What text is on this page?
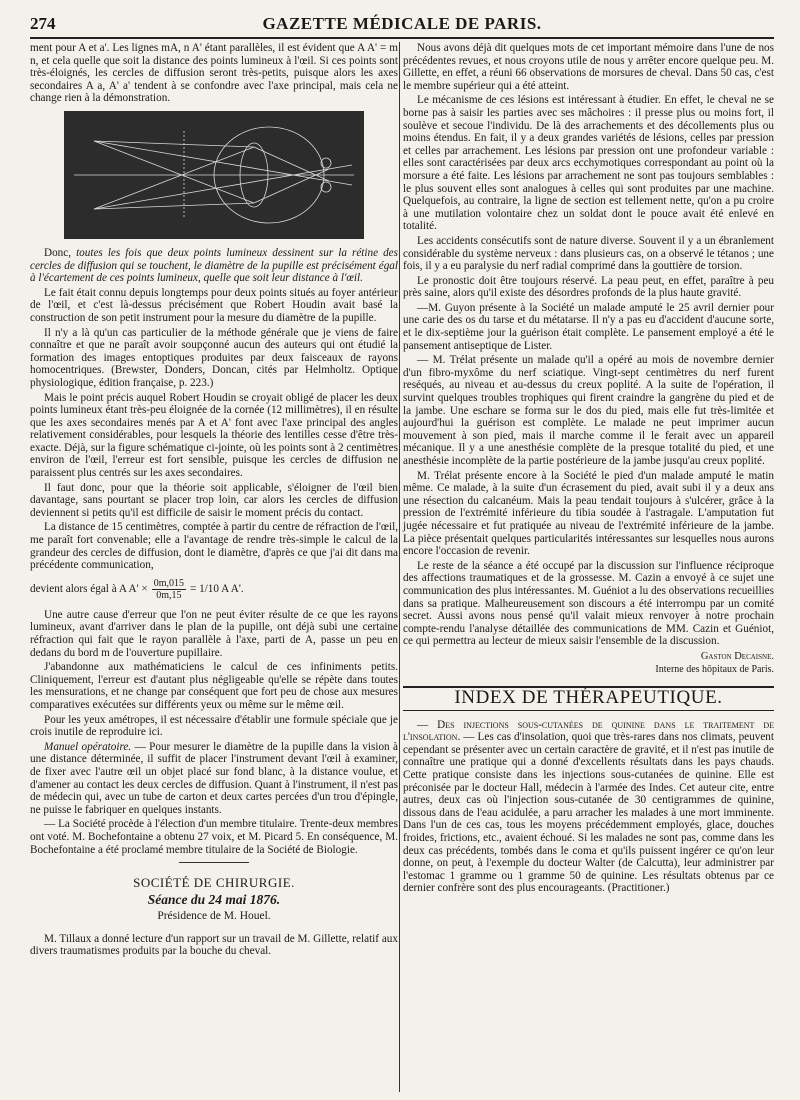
274	GAZETTE MÉDICALE DE PARIS.

ment pour A et a'. Les lignes mA, n A' étant parallèles, il est évident que A A' = m n, et cela quelle que soit la distance des points lumineux à l'œil. Si ces points sont très-éloignés, les cercles de diffusion seront très-petits, puisque alors les axes secondaires A a, A' a' tendent à se confondre avec l'axe principal, mais cela ne change rien à la démonstration.

Donc, toutes les fois que deux points lumineux dessinent sur la rétine des cercles de diffusion qui se touchent, le diamètre de la pupille est précisément égal à l'écartement de ces points lumineux, quelle que soit leur distance à l'œil.

Le fait était connu depuis longtemps pour deux points situés au foyer antérieur de l'œil, et c'est là-dessus précisément que Robert Houdin avait basé la construction de son petit instrument pour la mesure du diamètre de la pupille.

Il n'y a là qu'un cas particulier de la méthode générale que je viens de faire connaître et que ne paraît avoir soupçonné aucun des auteurs qui ont étudié la formation des images entoptiques produites par deux faisceaux de rayons homocentriques. (Brewster, Donders, Doncan, cités par Helmholtz. Optique physiologique, édition française, p. 223.)

Mais le point précis auquel Robert Houdin se croyait obligé de placer les deux points lumineux étant très-peu éloignée de la cornée (12 millimètres), il en résulte que les axes secondaires menés par A et A' font avec l'axe principal des angles relativement considérables, pour lesquels la théorie des lentilles cesse d'être très-exacte. Déjà, sur la figure schématique ci-jointe, où les points sont à 2 centimètres environ de l'œil, l'erreur est fort sensible, puisque les cercles de diffusion ne paraissent plus centrés sur les axes secondaires.

Il faut donc, pour que la théorie soit applicable, s'éloigner de l'œil bien davantage, sans pourtant se placer trop loin, car alors les cercles de diffusion deviennent si petits qu'il est difficile de saisir le moment précis du contact.

La distance de 15 centimètres, comptée à partir du centre de réfraction de l'œil, me paraît fort convenable; elle a l'avantage de rendre très-simple le calcul de la grandeur des cercles de diffusion, dont le diamètre, d'après ce que j'ai dit dans ma précédente communication,

devient alors égal à A $A' \times \frac{0m,015}{0m,15} = 1/10$ A A'.

Une autre cause d'erreur que l'on ne peut éviter résulte de ce que les rayons lumineux, avant d'arriver dans le plan de la pupille, ont déjà subi une certaine réfraction qui fait que le rayon parallèle à l'axe, parti de A, passe un peu en dedans du bord m de l'ouverture pupillaire.

J'abandonne aux mathématiciens le calcul de ces infiniments petits. Cliniquement, l'erreur est d'autant plus négligeable qu'elle se répète dans toutes les mensurations, et ne change par conséquent que fort peu de chose aux mesures comparatives exécutées sur différents yeux ou même sur le même œil.

Pour les yeux amétropes, il est nécessaire d'établir une formule spéciale que je crois inutile de reproduire ici.

Manuel opératoire. — Pour mesurer le diamètre de la pupille dans la vision à une distance déterminée, il suffit de placer l'instrument devant l'œil à examiner, de fixer avec l'autre œil un objet placé sur fond blanc, à la distance voulue, et d'amener au contact les deux cercles de diffusion. Quant à l'instrument, il n'est pas de médecin qui, avec un tube de carton et deux cartes percées d'un trou d'épingle, ne puisse le fabriquer en quelques instants.

— La Société procède à l'élection d'un membre titulaire. Trente-deux membres ont voté. M. Bochefontaine a obtenu 27 voix, et M. Picard 5. En conséquence, M. Bochefontaine a été proclamé membre titulaire de la Société de Biologie.

SOCIÉTÉ DE CHIRURGIE.
Séance du 24 mai 1876.
Présidence de M. Houel.

M. Tillaux a donné lecture d'un rapport sur un travail de M. Gillette, relatif aux divers traumatismes produits par la bouche du cheval.

Nous avons déjà dit quelques mots de cet important mémoire dans l'une de nos précédentes revues, et nous croyons utile de nous y arrêter encore quelque peu. M. Gillette, en effet, a réuni 66 observations de morsures de cheval. Dans 50 cas, c'est le membre supérieur qui a été atteint.

Le mécanisme de ces lésions est intéressant à étudier. En effet, le cheval ne se borne pas à saisir les parties avec ses mâchoires : il presse plus ou moins fort, il soulève et secoue l'individu. De là des arrachements et des décollements plus ou moins étendus. En fait, il y a deux grandes variétés de lésions, celles par pression et celles par arrachement. Les lésions par pression ont une profondeur variable : elles sont caractérisées par deux arcs ecchymotiques correspondant au point où la morsure a été faite. Les lésions par arrachement ne sont pas toujours semblables : le plus souvent elles sont analogues à celles qui sont produites par une machine. Quelquefois, au contraire, la ligne de section est tellement nette, qu'on a pu croire à une mutilation volontaire chez un soldat dont le pouce avait été enlevé en totalité.

Les accidents consécutifs sont de nature diverse. Souvent il y a un ébranlement considérable du système nerveux : dans plusieurs cas, on a observé le tétanos ; une fois, il y a eu paralysie du nerf radial comprimé dans la gouttière de torsion.

Le pronostic doit être toujours réservé. La peau peut, en effet, paraître à peu près saine, alors qu'il existe des désordres profonds de la plus haute gravité.

—M. Guyon présente à la Société un malade amputé le 25 avril dernier pour une carie des os du tarse et du métatarse. Il n'y a pas eu d'accident d'aucune sorte, et le dix-septième jour la guérison était complète. Le pansement employé a été le pansement antiseptique de Lister.

— M. Trélat présente un malade qu'il a opéré au mois de novembre dernier d'un fibro-myxôme du nerf sciatique. Vingt-sept centimètres du nerf furent reséqués, au niveau et au-dessus du creux poplité. A la suite de l'opération, il survint quelques troubles trophiques qui firent craindre la gangrène du pied et de la jambe. Une eschare se forma sur le dos du pied, mais elle fut très-limitée et aujourd'hui la guérison est complète. Le malade ne peut imprimer aucun mouvement à son pied, mais il marche comme il le ferait avec un appareil mécanique. Il y a une anesthésie complète de la presque totalité du pied, et une anesthésie incomplète de la partie postérieure de la jambe jusqu'au creux poplité.

M. Trélat présente encore à la Société le pied d'un malade amputé le matin même. Ce malade, à la suite d'un écrasement du pied, avait subi il y a deux ans une résection du calcanéum. Mais la peau tendait toujours à s'ulcérer, grâce à la pression de l'extrémité inférieure du tibia soudée à l'astragale. L'amputation fut jugée nécessaire et fut pratiquée au niveau de l'extrémité inférieure de la jambe. La pièce présentait quelques particularités intéressantes sur lesquelles nous aurons encore l'occasion de revenir.

Le reste de la séance a été occupé par la discussion sur l'influence réciproque des affections traumatiques et de la grossesse. M. Cazin a envoyé à ce sujet une communication des plus intéressantes. M. Guéniot a lu des observations recueillies dans sa pratique. Malheureusement son discours a été interrompu par un comité secret. Aussi avons nous pensé qu'il valait mieux renvoyer à notre prochain compte-rendu l'analyse détaillée des communications de MM. Cazin et Guéniot, ce qui permettra au lecteur de mieux saisir l'ensemble de la discussion.

Gaston Decaisne.

Interne des hôpitaux de Paris.

INDEX DE THÉRAPEUTIQUE.

— Des injections sous-cutanées de quinine dans le traitement de l'insolation. — Les cas d'insolation, quoi que très-rares dans nos climats, peuvent cependant se présenter avec un certain caractère de gravité, et il n'est pas inutile de connaître une pratique qui a donné d'excellents résultats dans les pays chauds. Cette pratique consiste dans les injections sous-cutanées de quinine. Elle est préconisée par le docteur Hall, médecin à l'armée des Indes. Cet auteur cite, entre autres, deux cas où l'injection sous-cutanée de 30 centigrammes de quinine, dissous dans de l'eau acidulée, a paru arracher les malades à une mort imminente. Dans l'un de ces cas, tous les moyens précédemment employés, glace, douches froides, frictions, etc., avaient échoué. Si les malades ne sont pas, comme dans les deux cas précédents, tombés dans le coma et qu'ils puissent ingérer ce qu'on leur donne, on peut, à l'exemple du docteur Walter (de Calcutta), leur administrer par l'estomac 1 gramme ou 1 gramme 50 de quinine. Les résultats obtenus par ce dernier confrère sont des plus encourageants. (Practitioner.)
